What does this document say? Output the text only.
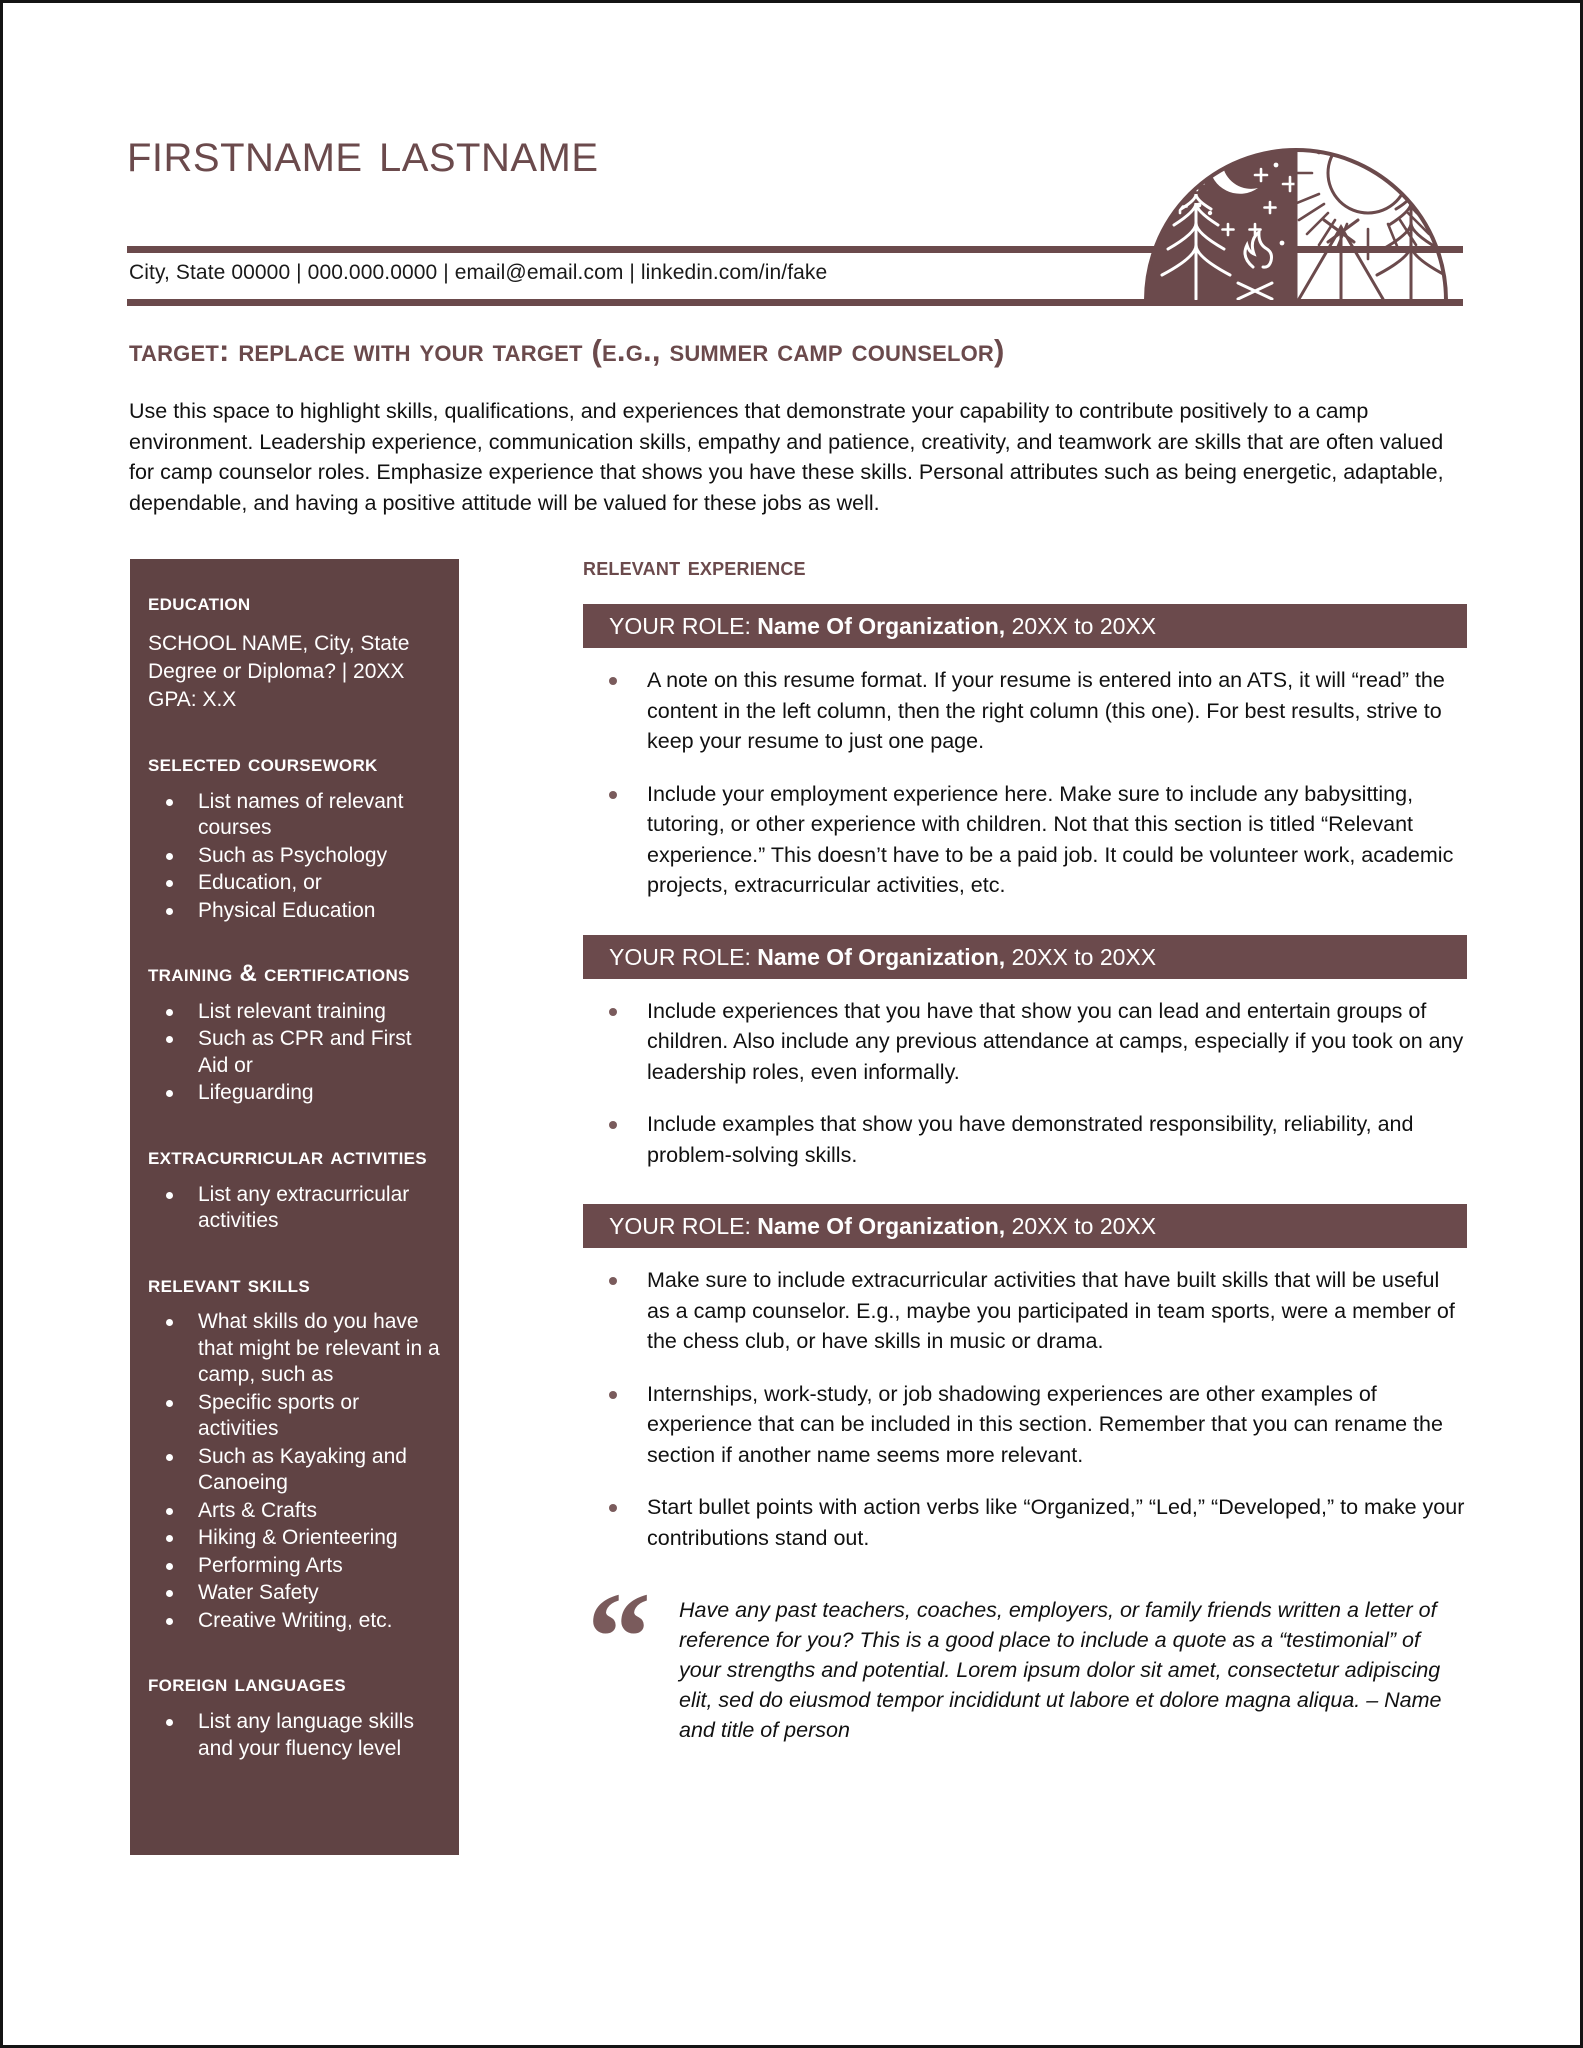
firstname lastname
City, State 00000 | 000.000.0000 | email@email.com | linkedin.com/in/fake
target: replace with your target (e.g., summer camp counselor)
Use this space to highlight skills, qualifications, and experiences that demonstrate your capability to contribute positively to a camp environment. Leadership experience, communication skills, empathy and patience, creativity, and teamwork are skills that are often valued for camp counselor roles. Emphasize experience that shows you have these skills. Personal attributes such as being energetic, adaptable, dependable, and having a positive attitude will be valued for these jobs as well.
education
SCHOOL NAME, City, State
Degree or Diploma? | 20XX
GPA: X.X
selected coursework
List names of relevant courses
Such as Psychology
Education, or
Physical Education
training & certifications
List relevant training
Such as CPR and First Aid or
Lifeguarding
extracurricular activities
List any extracurricular activities
relevant skills
What skills do you have that might be relevant in a camp, such as
Specific sports or activities
Such as Kayaking and Canoeing
Arts & Crafts
Hiking & Orienteering
Performing Arts
Water Safety
Creative Writing, etc.
foreign languages
List any language skills and your fluency level
relevant experience
YOUR ROLE: Name Of Organization, 20XX to 20XX
A note on this resume format. If your resume is entered into an ATS, it will “read” the content in the left column, then the right column (this one). For best results, strive to keep your resume to just one page.
Include your employment experience here. Make sure to include any babysitting, tutoring, or other experience with children. Not that this section is titled “Relevant experience.” This doesn’t have to be a paid job. It could be volunteer work, academic projects, extracurricular activities, etc.
YOUR ROLE: Name Of Organization, 20XX to 20XX
Include experiences that you have that show you can lead and entertain groups of children. Also include any previous attendance at camps, especially if you took on any leadership roles, even informally.
Include examples that show you have demonstrated responsibility, reliability, and problem-solving skills.
YOUR ROLE: Name Of Organization, 20XX to 20XX
Make sure to include extracurricular activities that have built skills that will be useful as a camp counselor. E.g., maybe you participated in team sports, were a member of the chess club, or have skills in music or drama.
Internships, work-study, or job shadowing experiences are other examples of experience that can be included in this section. Remember that you can rename the section if another name seems more relevant.
Start bullet points with action verbs like “Organized,” “Led,” “Developed,” to make your contributions stand out.
“	Have any past teachers, coaches, employers, or family friends written a letter of reference for you? This is a good place to include a quote as a “testimonial” of your strengths and potential. Lorem ipsum dolor sit amet, consectetur adipiscing elit, sed do eiusmod tempor incididunt ut labore et dolore magna aliqua. – Name and title of person
